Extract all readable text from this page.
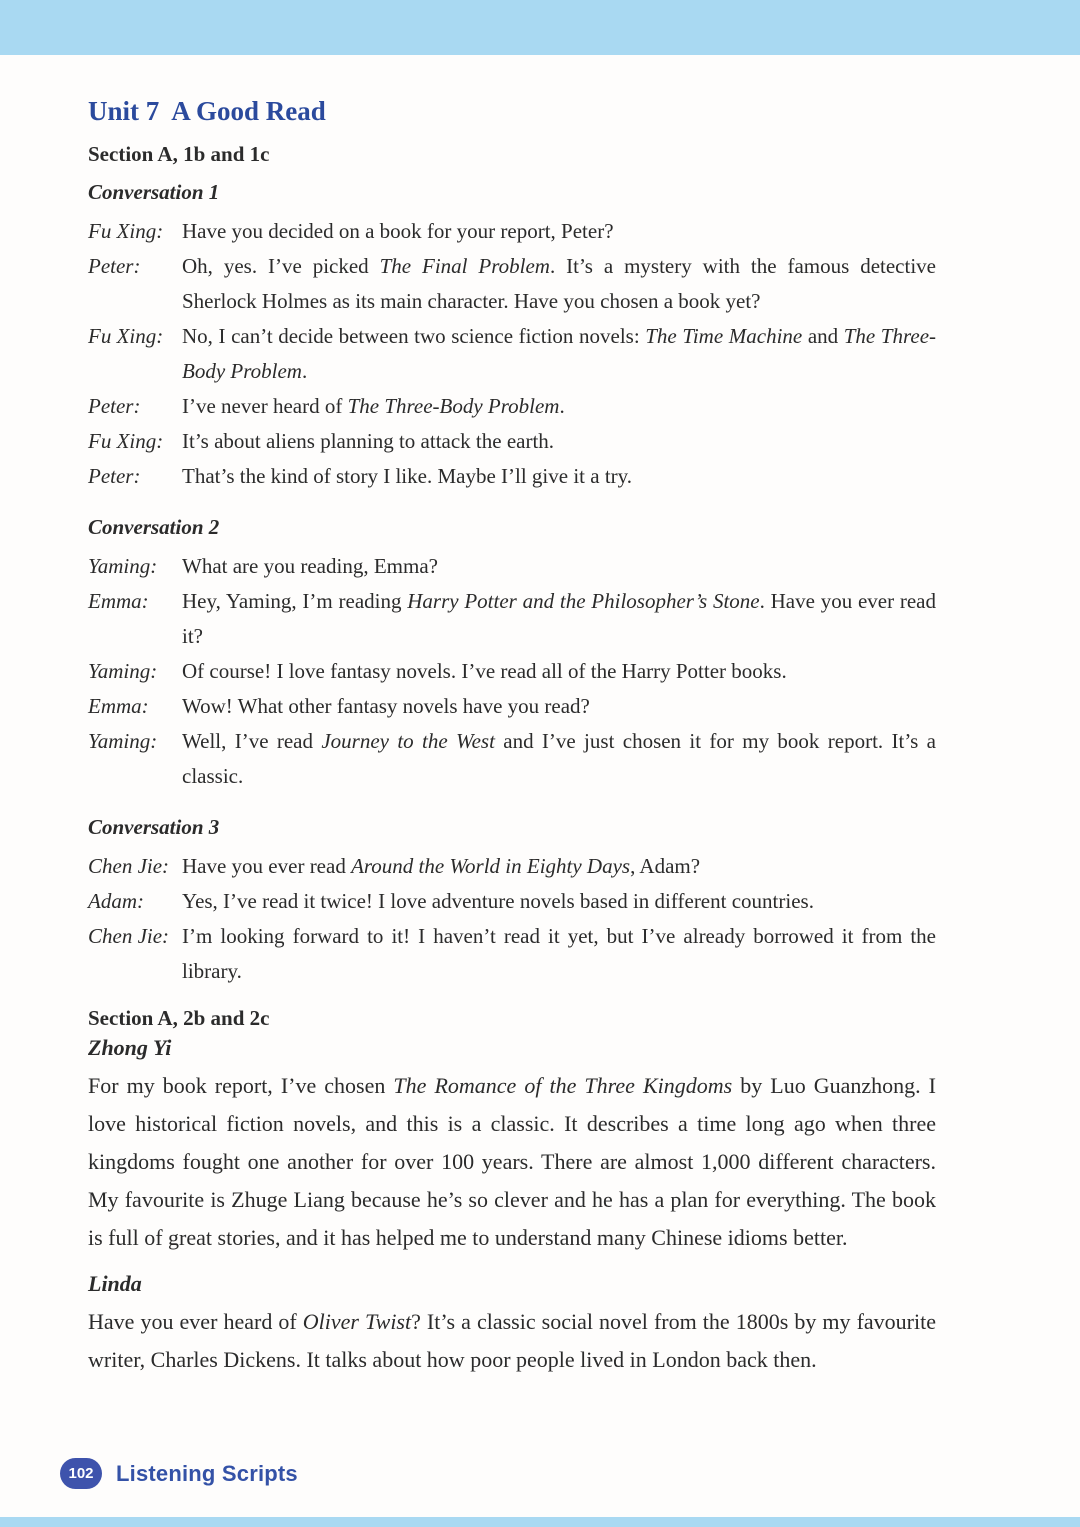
Unit 7  A Good Read
Section A, 1b and 1c
Conversation 1
Fu Xing: Have you decided on a book for your report, Peter?
Peter:	Oh, yes. I’ve picked The Final Problem. It’s a mystery with the famous detective Sherlock Holmes as its main character. Have you chosen a book yet?
Fu Xing: No, I can’t decide between two science fiction novels: The Time Machine and The Three-Body Problem.
Peter:	I’ve never heard of The Three-Body Problem.
Fu Xing: It’s about aliens planning to attack the earth.
Peter:	That’s the kind of story I like. Maybe I’ll give it a try.
Conversation 2
Yaming:	What are you reading, Emma?
Emma:	Hey, Yaming, I’m reading Harry Potter and the Philosopher’s Stone. Have you ever read it?
Yaming:	Of course! I love fantasy novels. I’ve read all of the Harry Potter books.
Emma:	Wow! What other fantasy novels have you read?
Yaming:	Well, I’ve read Journey to the West and I’ve just chosen it for my book report. It’s a classic.
Conversation 3
Chen Jie: Have you ever read Around the World in Eighty Days, Adam?
Adam:	Yes, I’ve read it twice! I love adventure novels based in different countries.
Chen Jie: I’m looking forward to it! I haven’t read it yet, but I’ve already borrowed it from the library.
Section A, 2b and 2c
Zhong Yi

For my book report, I’ve chosen The Romance of the Three Kingdoms by Luo Guanzhong. I love historical fiction novels, and this is a classic. It describes a time long ago when three kingdoms fought one another for over 100 years. There are almost 1,000 different characters. My favourite is Zhuge Liang because he’s so clever and he has a plan for everything. The book is full of great stories, and it has helped me to understand many Chinese idioms better.

Linda

Have you ever heard of Oliver Twist? It’s a classic social novel from the 1800s by my favourite writer, Charles Dickens. It talks about how poor people lived in London back then.

102	Listening Scripts
